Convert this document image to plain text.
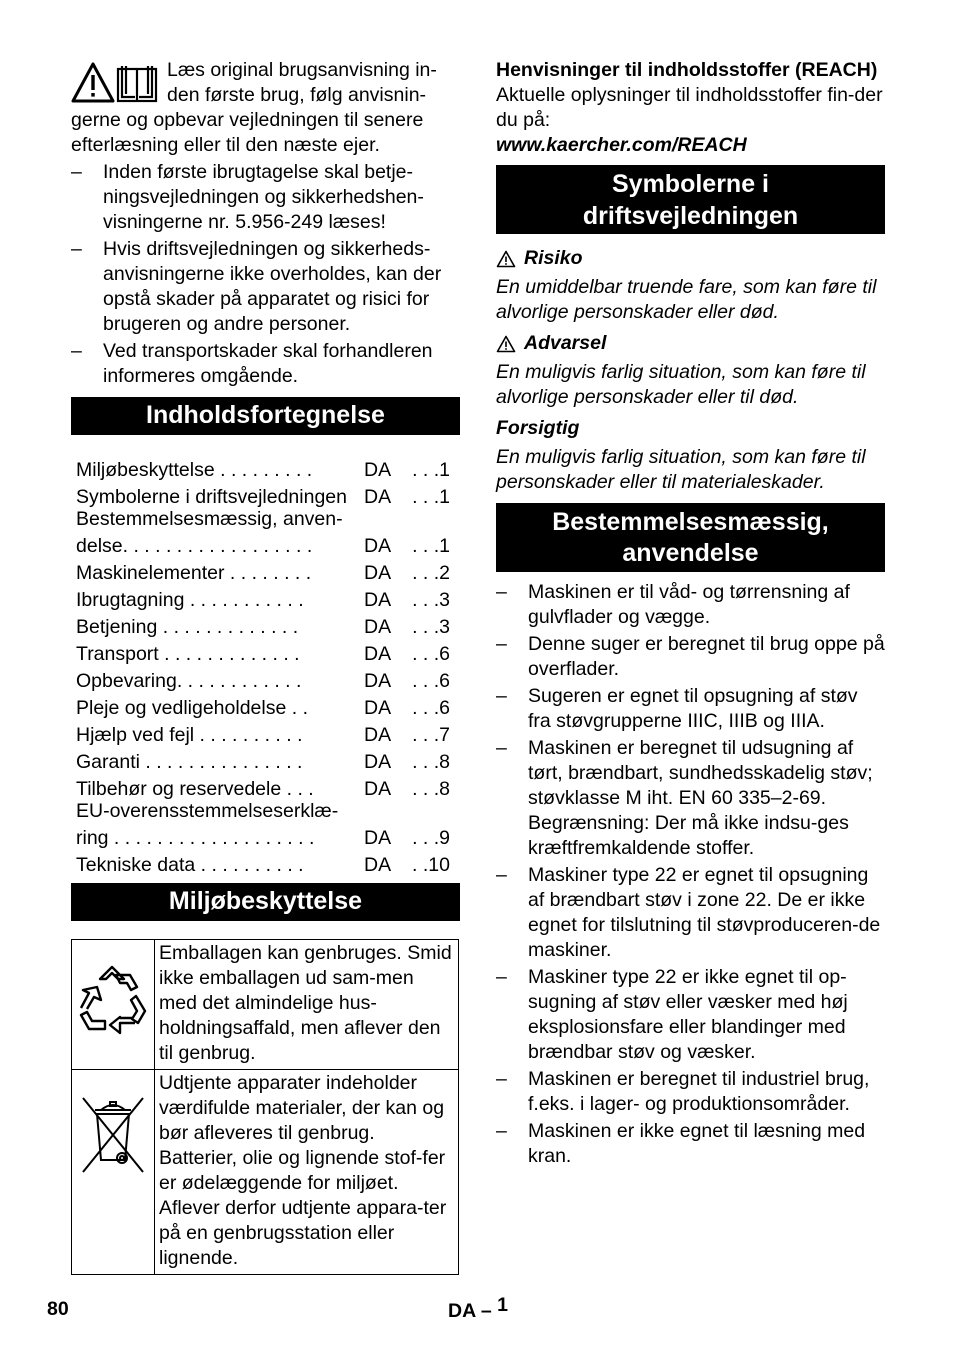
Læs original brugsanvisning in-den første brug, følg anvisnin-gerne og opbevar vejledningen til senere efterlæsning eller til den næste ejer.

– Inden første ibrugtagelse skal betje-ningsvejledningen og sikkerhedshen-visningerne nr. 5.956-249 læses!
– Hvis driftsvejledningen og sikkerheds-anvisningerne ikke overholdes, kan der opstå skader på apparatet og risici for brugeren og andre personer.
– Ved transportskader skal forhandleren informeres omgående.
Indholdsfortegnelse
Miljøbeskyttelse . . . . . . . . .	DA	. . .1
Symbolerne i driftsvejledningen	DA	. . .1
Bestemmelsesmæssig, anven-		
delse. . . . . . . . . . . . . . . . . .	DA	. . .1
Maskinelementer . . . . . . . .	DA	. . .2
Ibrugtagning . . . . . . . . . . .	DA	. . .3
Betjening . . . . . . . . . . . . .	DA	. . .3
Transport . . . . . . . . . . . . .	DA	. . .6
Opbevaring. . . . . . . . . . . .	DA	. . .6
Pleje og vedligeholdelse . .	DA	. . .6
Hjælp ved fejl . . . . . . . . . .	DA	. . .7
Garanti . . . . . . . . . . . . . . .	DA	. . .8
Tilbehør og reservedele . . .	DA	. . .8
EU-overensstemmelseserklæ-		
ring . . . . . . . . . . . . . . . . . . .	DA	. . .9
Tekniske data . . . . . . . . . .	DA	. .10
Miljøbeskyttelse
	Emballagen kan genbruges. Smid ikke emballagen ud sam-men med det almindelige hus-holdningsaffald, men aflever den til genbrug.
	Udtjente apparater indeholder værdifulde materialer, der kan og bør afleveres til genbrug. Batterier, olie og lignende stof-fer er ødelæggende for miljøet. Aflever derfor udtjente appara-ter på en genbrugsstation eller lignende.

Henvisninger til indholdsstoffer (REACH)

Aktuelle oplysninger til indholdsstoffer fin-der du på:

www.kaercher.com/REACH

Symbolerne i driftsvejledningen
Risiko

En umiddelbar truende fare, som kan føre til alvorlige personskader eller død.

Advarsel

En muligvis farlig situation, som kan føre til alvorlige personskader eller til død.

Forsigtig

En muligvis farlig situation, som kan føre til personskader eller til materialeskader.

Bestemmelsesmæssig, anvendelse
– Maskinen er til våd- og tørrensning af gulvflader og vægge.
– Denne suger er beregnet til brug oppe på overflader.
– Sugeren er egnet til opsugning af støv fra støvgrupperne IIIC, IIIB og IIIA.
– Maskinen er beregnet til udsugning af tørt, brændbart, sundhedsskadelig støv; støvklasse M iht. EN 60 335–2-69. Begrænsning: Der må ikke indsu-ges kræftfremkaldende stoffer.
– Maskiner type 22 er egnet til opsugning af brændbart støv i zone 22. De er ikke egnet for tilslutning til støvproduceren-de maskiner.
– Maskiner type 22 er ikke egnet til op-sugning af støv eller væsker med høj eksplosionsfare eller blandinger med brændbar støv og væsker.
– Maskinen er beregnet til industriel brug, f.eks. i lager- og produktionsområder.
– Maskinen er ikke egnet til læsning med kran.
80	DA – 1
